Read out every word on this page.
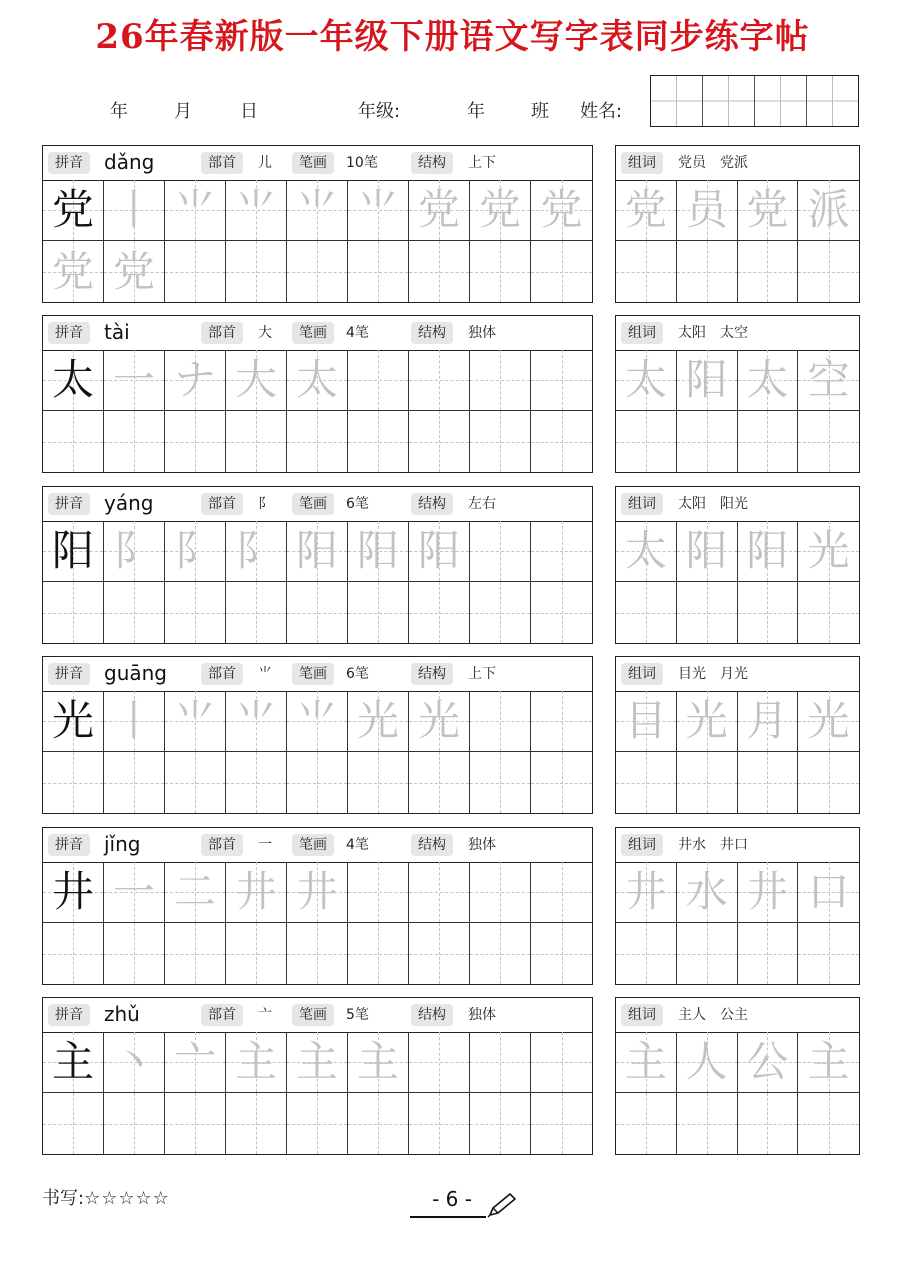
26年春新版一年级下册语文写字表同步练字帖
年	月	日	年级:	年	班 姓名:
拼音	dǎng	部首	儿	笔画	10笔	结构	上下
党 丨 ⺌ ⺌ ⺌ ⺌ 党 党 党
党 党
组词	党员　党派
党 员 党 派
拼音	tài	部首	大	笔画	4笔	结构	独体
太 一 ナ 大 太
组词	太阳　太空
太 阳 太 空
拼音	yáng	部首	阝	笔画	6笔	结构	左右
阳 阝 阝 阝 阳 阳 阳
组词	太阳　阳光
太 阳 阳 光
拼音	guāng	部首	⺌	笔画	6笔	结构	上下
光 丨 ⺌ ⺌ ⺌ 光 光
组词	目光　月光
目 光 月 光
拼音	jǐng	部首	一	笔画	4笔	结构	独体
井 一 二 井 井
组词	井水　井口
井 水 井 口
拼音	zhǔ	部首	亠	笔画	5笔	结构	独体
主 丶 亠 主 主 主
组词	主人　公主
主 人 公 主
书写:☆☆☆☆☆	- 6 -
